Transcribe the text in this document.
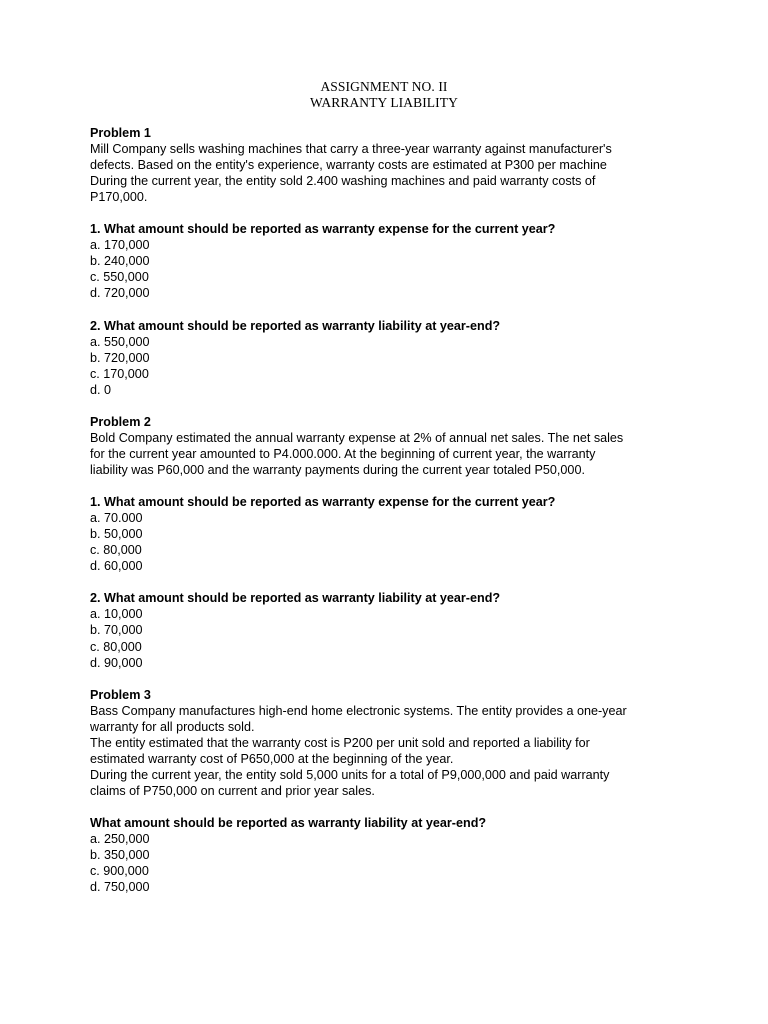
ASSIGNMENT NO. II
WARRANTY LIABILITY
Problem 1
Mill Company sells washing machines that carry a three-year warranty against manufacturer's
defects. Based on the entity's experience, warranty costs are estimated at P300 per machine
During the current year, the entity sold 2.400 washing machines and paid warranty costs of
P170,000.
1. What amount should be reported as warranty expense for the current year?
a. 170,000
b. 240,000
c. 550,000
d. 720,000
2. What amount should be reported as warranty liability at year-end?
a. 550,000
b. 720,000
c. 170,000
d. 0
Problem 2
Bold Company estimated the annual warranty expense at 2% of annual net sales. The net sales
for the current year amounted to P4.000.000. At the beginning of current year, the warranty
liability was P60,000 and the warranty payments during the current year totaled P50,000.
1. What amount should be reported as warranty expense for the current year?
a. 70.000
b. 50,000
c. 80,000
d. 60,000
2. What amount should be reported as warranty liability at year-end?
a. 10,000
b. 70,000
c. 80,000
d. 90,000
Problem 3
Bass Company manufactures high-end home electronic systems. The entity provides a one-year
warranty for all products sold.
The entity estimated that the warranty cost is P200 per unit sold and reported a liability for
estimated warranty cost of P650,000 at the beginning of the year.
During the current year, the entity sold 5,000 units for a total of P9,000,000 and paid warranty
claims of P750,000 on current and prior year sales.
What amount should be reported as warranty liability at year-end?
a. 250,000
b. 350,000
c. 900,000
d. 750,000
